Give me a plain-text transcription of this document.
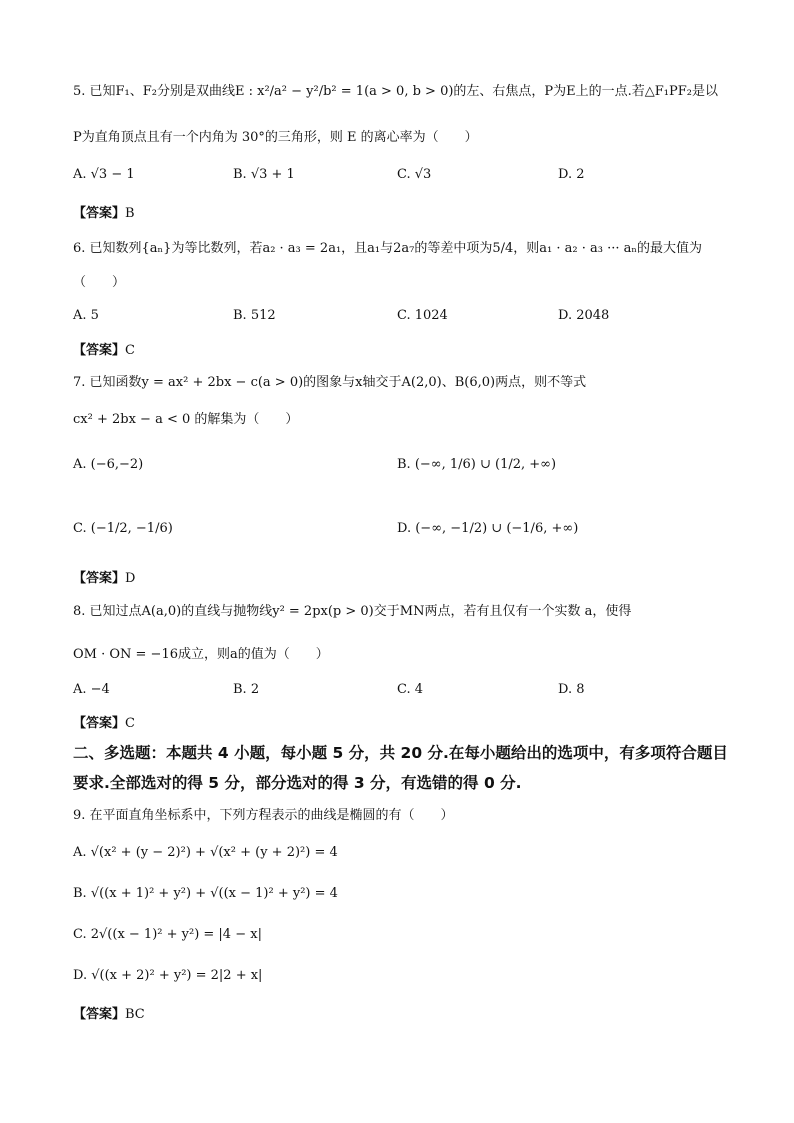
5. 已知F₁、F₂分别是双曲线E : x²/a² − y²/b² = 1(a > 0, b > 0)的左、右焦点，P为E上的一点.若△F₁PF₂是以
P为直角顶点且有一个内角为 30°的三角形，则 E 的离心率为（　　）
A. √3 − 1	B. √3 + 1	C. √3	D. 2
【答案】B
6. 已知数列{aₙ}为等比数列，若a₂ · a₃ = 2a₁，且a₁与2a₇的等差中项为5/4，则a₁ · a₂ · a₃ ··· aₙ的最大值为
（　　）
A. 5	B. 512	C. 1024	D. 2048
【答案】C
7. 已知函数y = ax² + 2bx − c(a > 0)的图象与x轴交于A(2,0)、B(6,0)两点，则不等式
cx² + 2bx − a < 0 的解集为（　　）
A. (−6,−2)	B. (−∞, 1/6) ∪ (1/2, +∞)
C. (−1/2, −1/6)	D. (−∞, −1/2) ∪ (−1/6, +∞)
【答案】D
8. 已知过点A(a,0)的直线与抛物线y² = 2px(p > 0)交于MN两点，若有且仅有一个实数 a，使得
OM · ON = −16成立，则a的值为（　　）
A. −4	B. 2	C. 4	D. 8
【答案】C
二、多选题：本题共 4 小题，每小题 5 分，共 20 分.在每小题给出的选项中，有多项符合题目
要求.全部选对的得 5 分，部分选对的得 3 分，有选错的得 0 分.
9. 在平面直角坐标系中，下列方程表示的曲线是椭圆的有（　　）
A. √(x² + (y − 2)²) + √(x² + (y + 2)²) = 4
B. √((x + 1)² + y²) + √((x − 1)² + y²) = 4
C. 2√((x − 1)² + y²) = |4 − x|
D. √((x + 2)² + y²) = 2|2 + x|
【答案】BC
